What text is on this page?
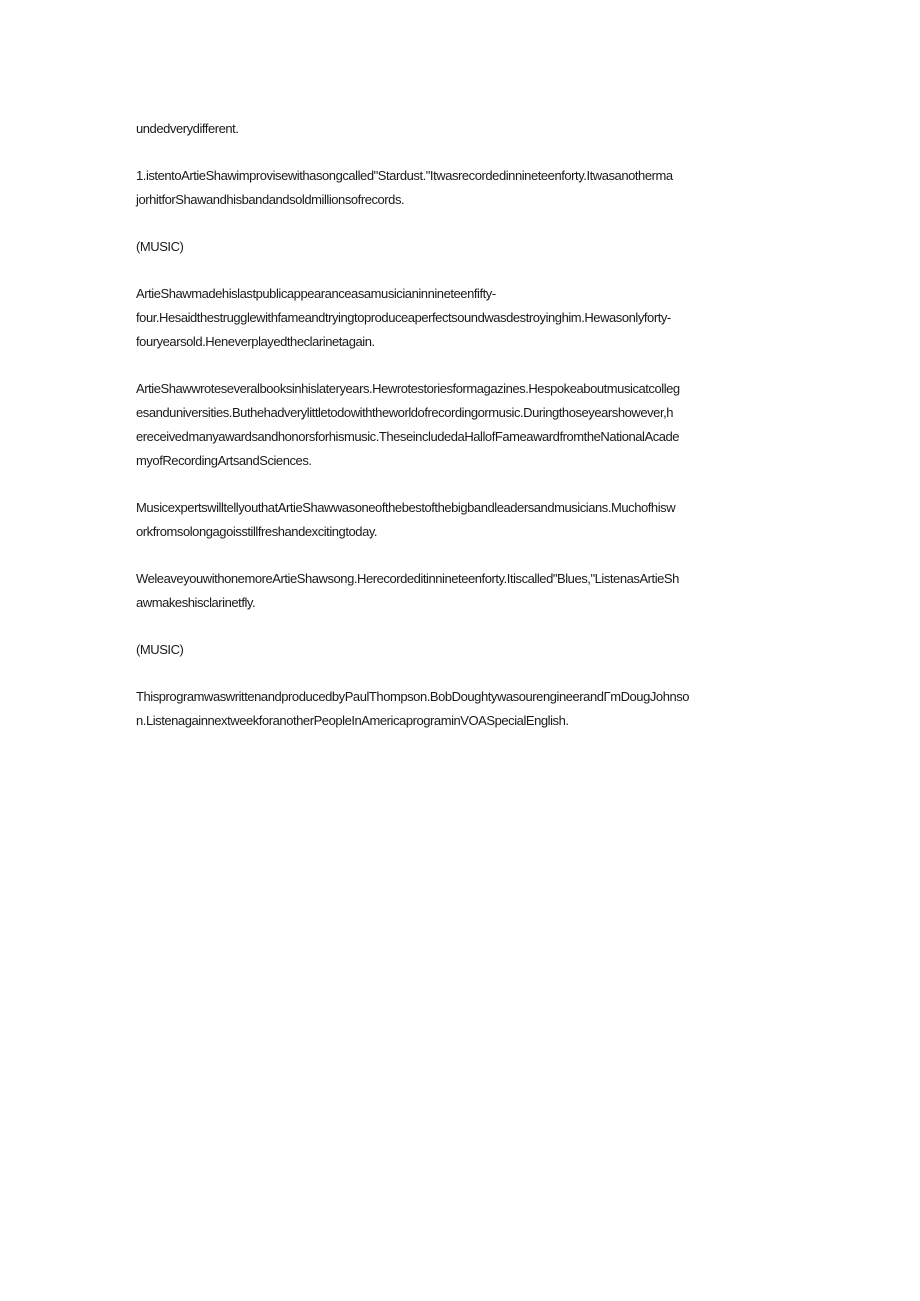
undedverydifferent.
1.istentoArtieShawimprovisewithasongcalled"Stardust."Itwasrecordedinnineteenforty.Itwasanotherma
jorhitforShawandhisbandandsoldmillionsofrecords.
(MUSIC)
ArtieShawmadehislastpublicappearanceasamusicianinnineteenfifty-
four.Hesaidthestrugglewithfameandtryingtoproduceaperfectsoundwasdestroyinghim.Hewasonlyforty-
fouryearsold.Heneverplayedtheclarinetagain.
ArtieShawwroteseveralbooksinhislateryears.Hewrotestoriesformagazines.Hespokeaboutmusicatcolleg
esanduniversities.Buthehadverylittletodowiththeworldofrecordingormusic.Duringthoseyearshowever,h
ereceivedmanyawardsandhonorsforhismusic.TheseincludedaHallofFameawardfromtheNationalAcade
myofRecordingArtsandSciences.
MusicexpertswilltellyouthatArtieShawwasoneofthebestofthebigbandleadersandmusicians.Muchofhisw
orkfromsolongagoisstillfreshandexcitingtoday.
WeleaveyouwithonemoreArtieShawsong.Herecordeditinnineteenforty.Itiscalled"Blues,"ListenasArtieSh
awmakeshisclarinetfly.
(MUSIC)
ThisprogramwaswrittenandproducedbyPaulThompson.BobDoughtywasourengineerandΓmDougJohnso
n.ListenagainnextweekforanotherPeopleInAmericaprograminVOASpecialEnglish.
